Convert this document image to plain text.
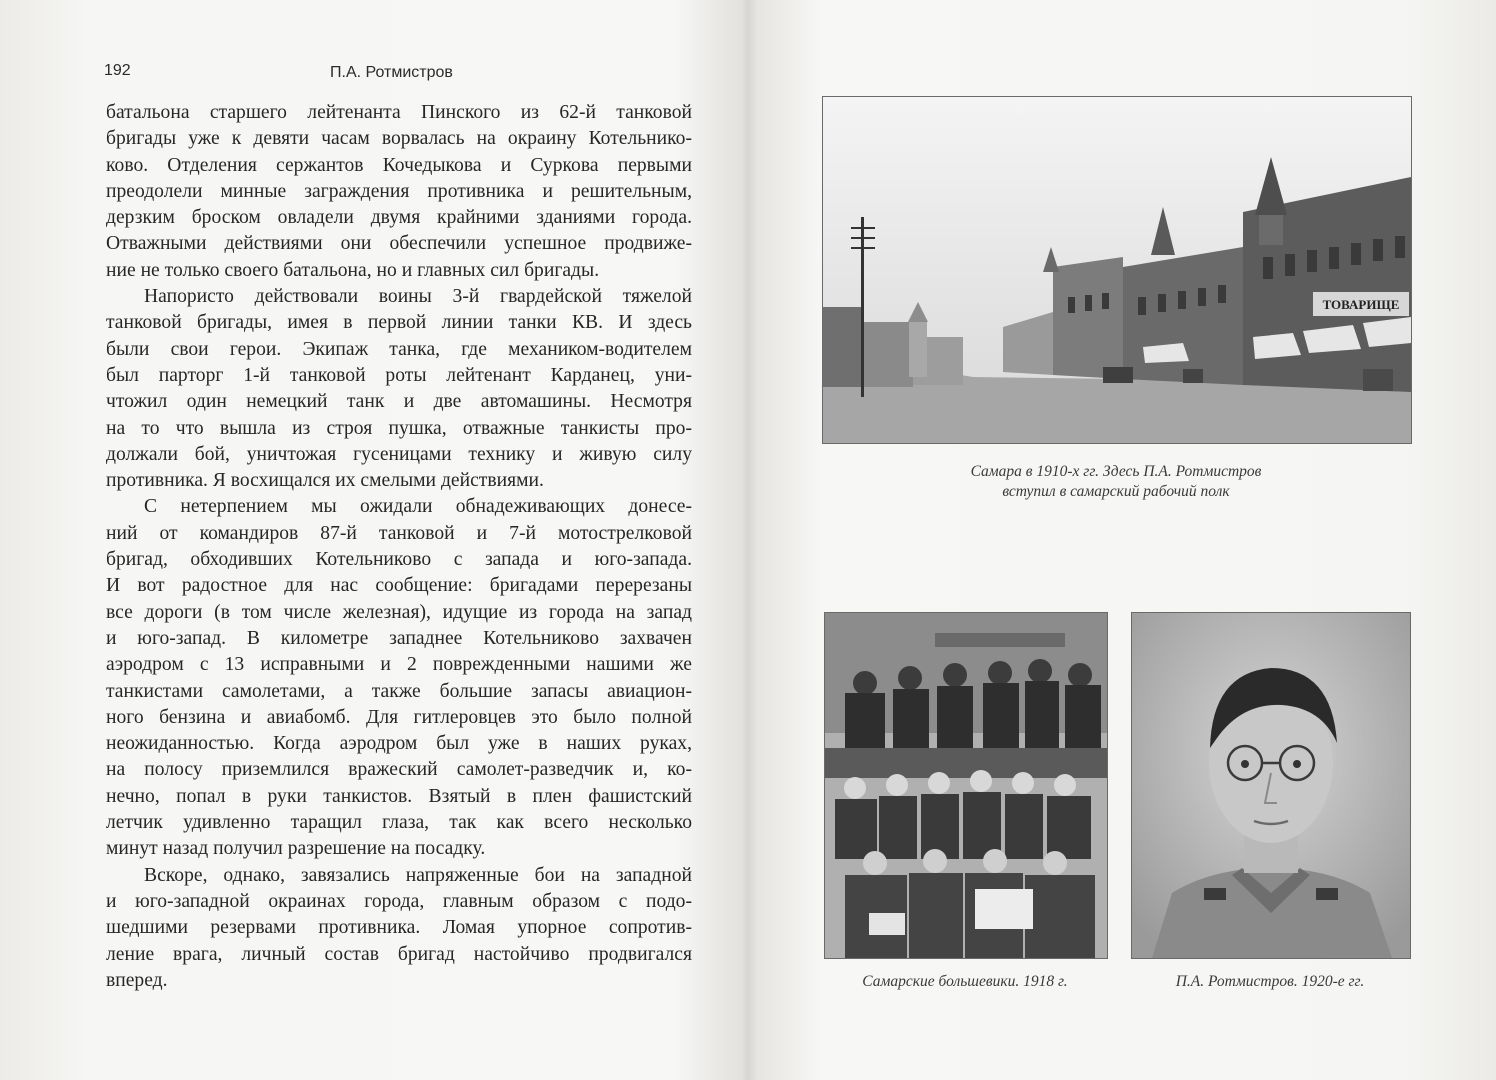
192	П.А. Ротмистров
батальона старшего лейтенанта Пинского из 62-й танковой
бригады уже к девяти часам ворвалась на окраину Котельнико-
ково. Отделения сержантов Кочедыкова и Суркова первыми
преодолели минные заграждения противника и решительным,
дерзким броском овладели двумя крайними зданиями города.
Отважными действиями они обеспечили успешное продвиже-
ние не только своего батальона, но и главных сил бригады.
Напористо действовали воины 3-й гвардейской тяжелой
танковой бригады, имея в первой линии танки КВ. И здесь
были свои герои. Экипаж танка, где механиком-водителем
был парторг 1-й танковой роты лейтенант Карданец, уни-
чтожил один немецкий танк и две автомашины. Несмотря
на то что вышла из строя пушка, отважные танкисты про-
должали бой, уничтожая гусеницами технику и живую силу
противника. Я восхищался их смелыми действиями.
С нетерпением мы ожидали обнадеживающих донесе-
ний от командиров 87-й танковой и 7-й мотострелковой
бригад, обходивших Котельниково с запада и юго-запада.
И вот радостное для нас сообщение: бригадами перерезаны
все дороги (в том числе железная), идущие из города на запад
и юго-запад. В километре западнее Котельниково захвачен
аэродром с 13 исправными и 2 поврежденными нашими же
танкистами самолетами, а также большие запасы авиацион-
ного бензина и авиабомб. Для гитлеровцев это было полной
неожиданностью. Когда аэродром был уже в наших руках,
на полосу приземлился вражеский самолет-разведчик и, ко-
нечно, попал в руки танкистов. Взятый в плен фашистский
летчик удивленно таращил глаза, так как всего несколько
минут назад получил разрешение на посадку.
Вскоре, однако, завязались напряженные бои на западной
и юго-западной окраинах города, главным образом с подо-
шедшими резервами противника. Ломая упорное сопротив-
ление врага, личный состав бригад настойчиво продвигался
вперед.
ТОВАРИЩЕ
Самара в 1910-х гг. Здесь П.А. Ротмистров
вступил в самарский рабочий полк
Самарские большевики. 1918 г.	П.А. Ротмистров. 1920-е гг.
